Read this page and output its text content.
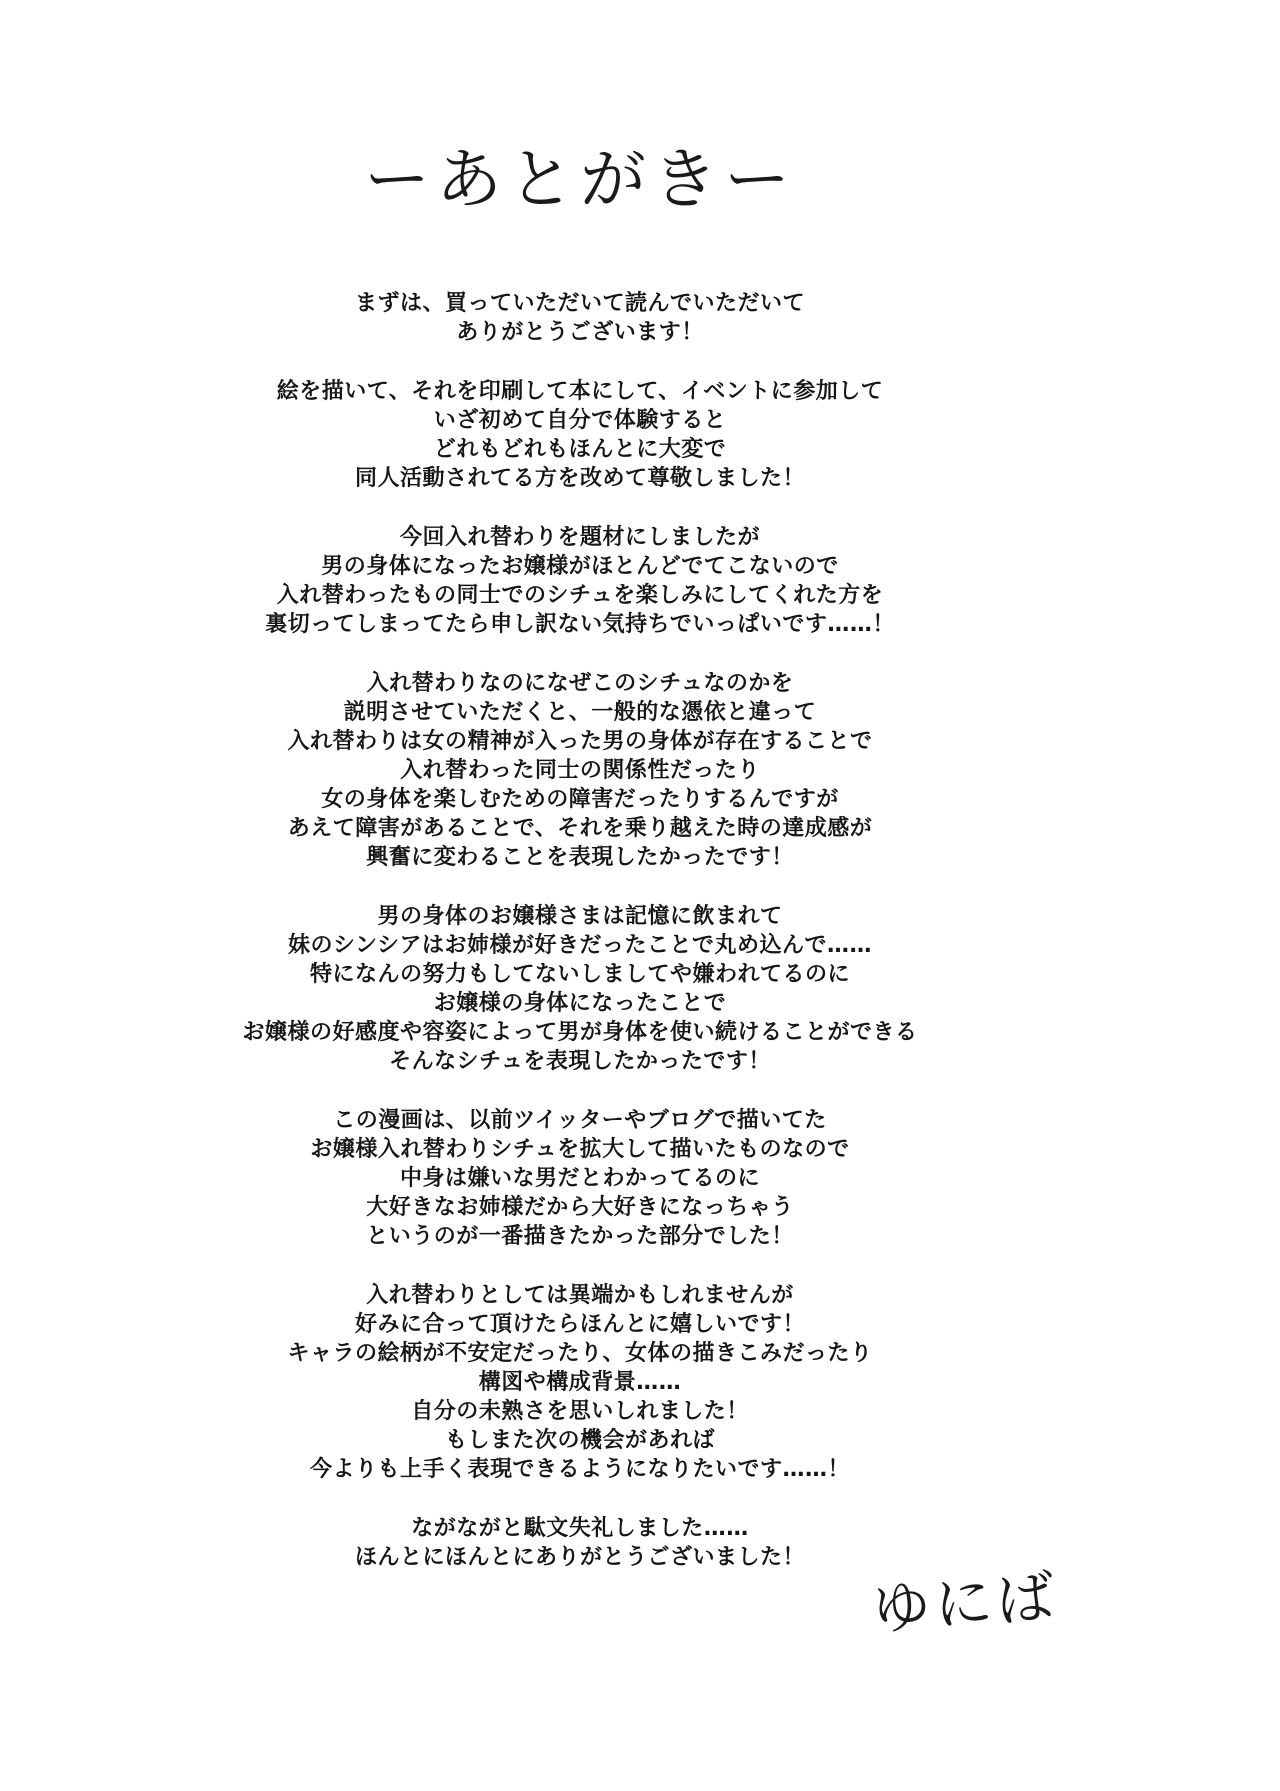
ーあとがきー
まずは、買っていただいて読んでいただいて
ありがとうございます！
絵を描いて、それを印刷して本にして、イベントに参加して
いざ初めて自分で体験すると
どれもどれもほんとに大変で
同人活動されてる方を改めて尊敬しました！
今回入れ替わりを題材にしましたが
男の身体になったお嬢様がほとんどでてこないので
入れ替わったもの同士でのシチュを楽しみにしてくれた方を
裏切ってしまってたら申し訳ない気持ちでいっぱいです……！
入れ替わりなのになぜこのシチュなのかを
説明させていただくと、一般的な憑依と違って
入れ替わりは女の精神が入った男の身体が存在することで
入れ替わった同士の関係性だったり
女の身体を楽しむための障害だったりするんですが
あえて障害があることで、それを乗り越えた時の達成感が
興奮に変わることを表現したかったです！
男の身体のお嬢様さまは記憶に飲まれて
妹のシンシアはお姉様が好きだったことで丸め込んで……
特になんの努力もしてないしましてや嫌われてるのに
お嬢様の身体になったことで
お嬢様の好感度や容姿によって男が身体を使い続けることができる
そんなシチュを表現したかったです！
この漫画は、以前ツイッターやブログで描いてた
お嬢様入れ替わりシチュを拡大して描いたものなので
中身は嫌いな男だとわかってるのに
大好きなお姉様だから大好きになっちゃう
というのが一番描きたかった部分でした！
入れ替わりとしては異端かもしれませんが
好みに合って頂けたらほんとに嬉しいです！
キャラの絵柄が不安定だったり、女体の描きこみだったり
構図や構成背景……
自分の未熟さを思いしれました！
もしまた次の機会があれば
今よりも上手く表現できるようになりたいです……！
ながながと駄文失礼しました……
ほんとにほんとにありがとうございました！
ゆにば
